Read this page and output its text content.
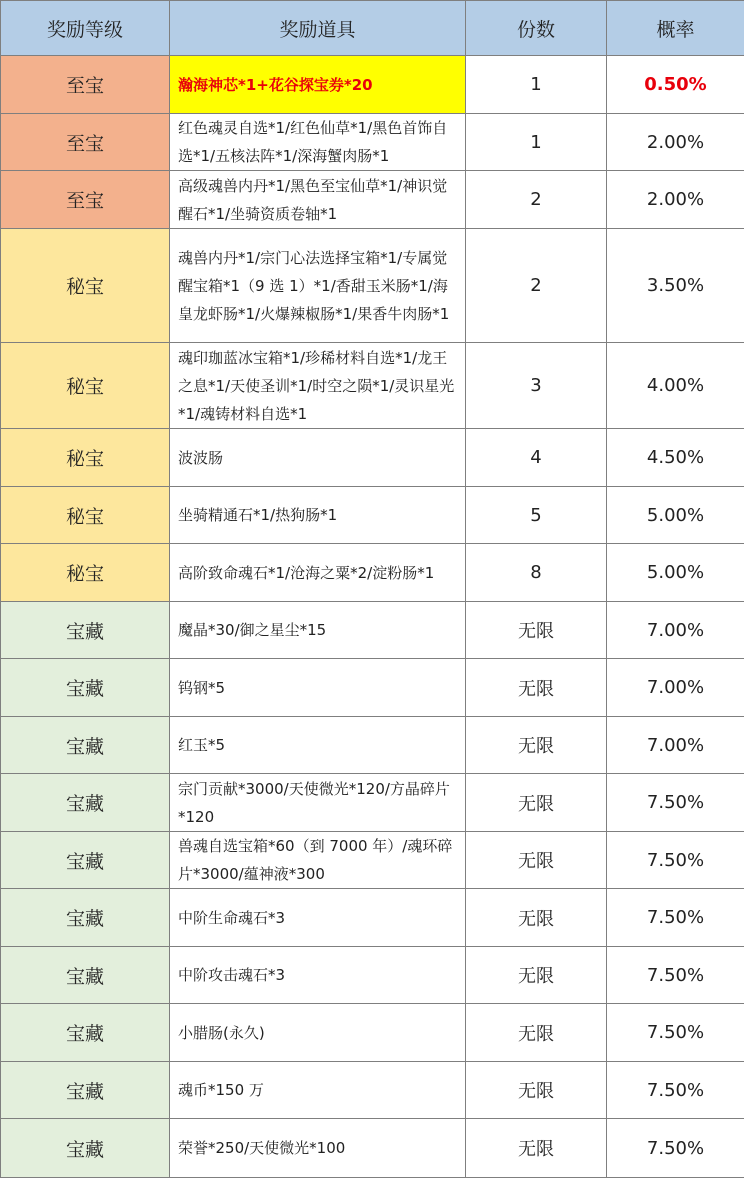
奖励等级	奖励道具	份数	概率
至宝	瀚海神芯*1+花谷探宝券*20	1	0.50%
至宝	红色魂灵自选*1/红色仙草*1/黑色首饰自选*1/五核法阵*1/深海蟹肉肠*1	1	2.00%
至宝	高级魂兽内丹*1/黑色至宝仙草*1/神识觉醒石*1/坐骑资质卷轴*1	2	2.00%
秘宝	魂兽内丹*1/宗门心法选择宝箱*1/专属觉醒宝箱*1（9 选 1）*1/香甜玉米肠*1/海皇龙虾肠*1/火爆辣椒肠*1/果香牛肉肠*1	2	3.50%
秘宝	魂印珈蓝冰宝箱*1/珍稀材料自选*1/龙王之息*1/天使圣训*1/时空之陨*1/灵识星光*1/魂铸材料自选*1	3	4.00%
秘宝	波波肠	4	4.50%
秘宝	坐骑精通石*1/热狗肠*1	5	5.00%
秘宝	高阶致命魂石*1/沧海之粟*2/淀粉肠*1	8	5.00%
宝藏	魔晶*30/御之星尘*15	无限	7.00%
宝藏	钨钢*5	无限	7.00%
宝藏	红玉*5	无限	7.00%
宝藏	宗门贡献*3000/天使微光*120/方晶碎片*120	无限	7.50%
宝藏	兽魂自选宝箱*60（到 7000 年）/魂环碎片*3000/蕴神液*300	无限	7.50%
宝藏	中阶生命魂石*3	无限	7.50%
宝藏	中阶攻击魂石*3	无限	7.50%
宝藏	小腊肠(永久)	无限	7.50%
宝藏	魂币*150 万	无限	7.50%
宝藏	荣誉*250/天使微光*100	无限	7.50%
